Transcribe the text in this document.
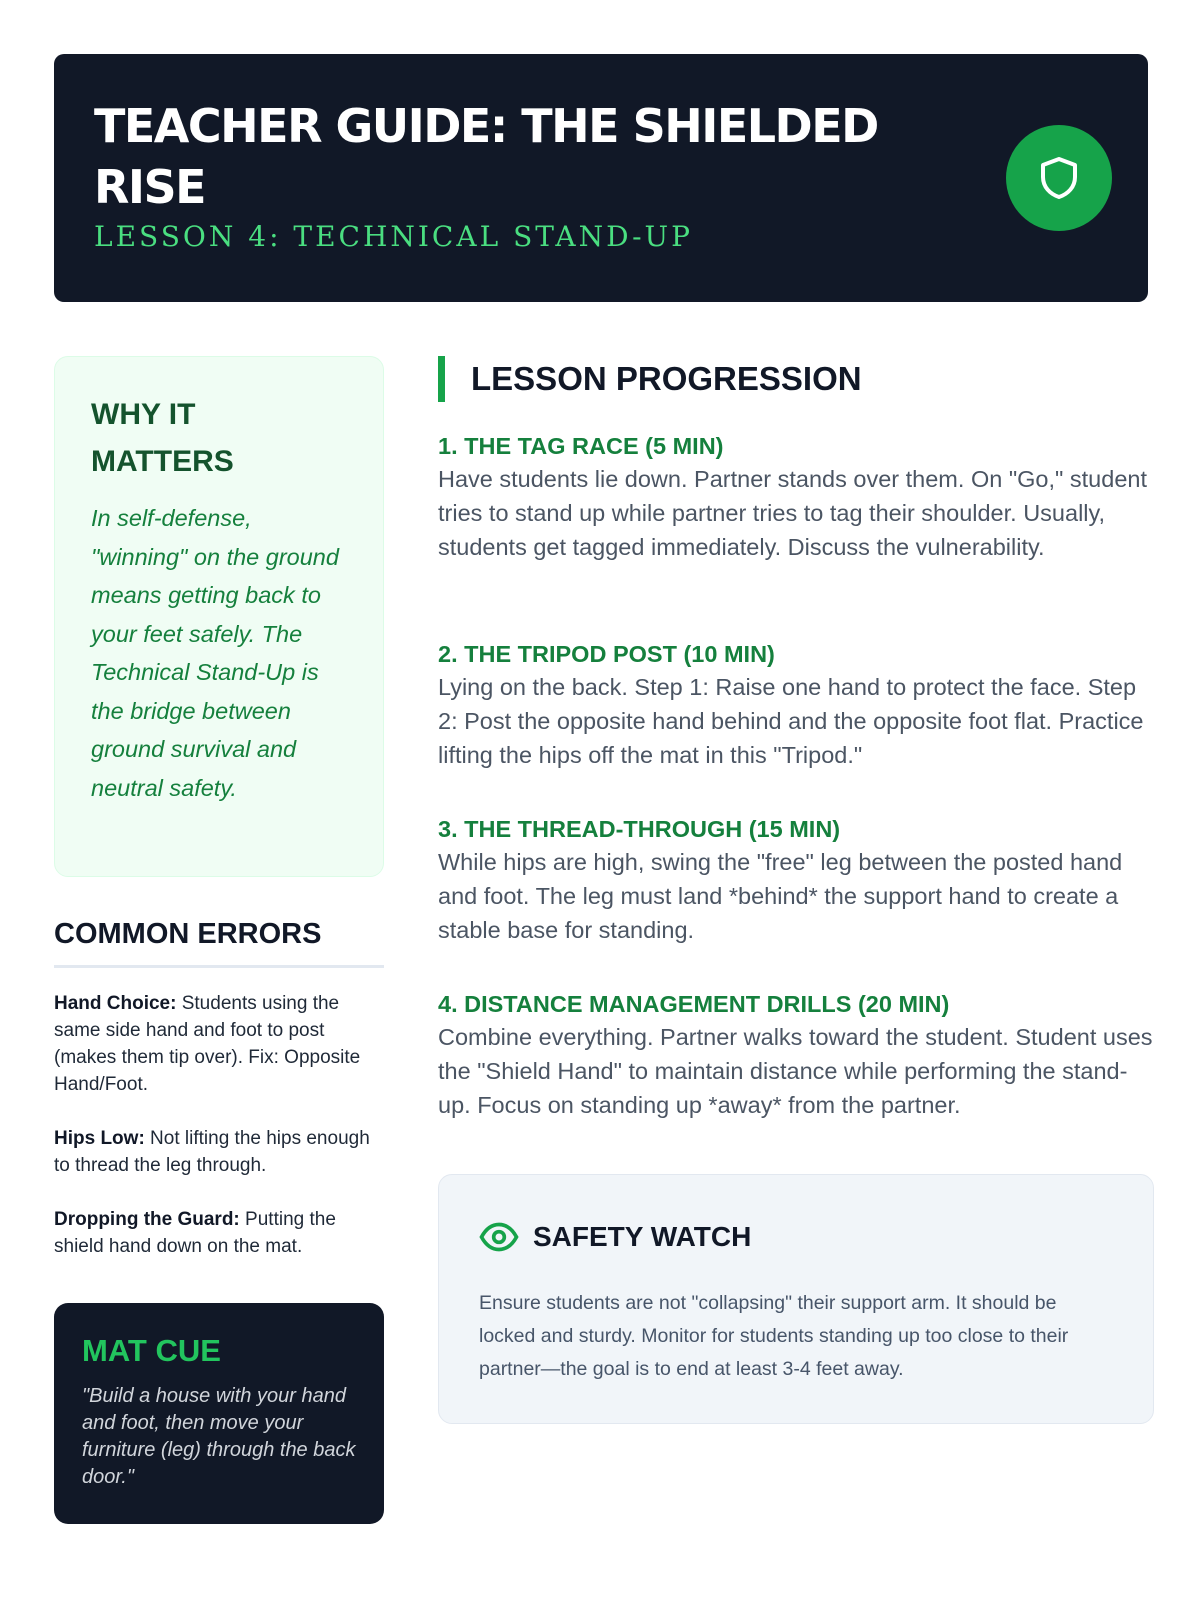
TEACHER GUIDE: THE SHIELDED RISE
LESSON 4: TECHNICAL STAND-UP
WHY IT MATTERS
In self-defense, "winning" on the ground means getting back to your feet safely. The Technical Stand-Up is the bridge between ground survival and neutral safety.
COMMON ERRORS
Hand Choice: Students using the same side hand and foot to post (makes them tip over). Fix: Opposite Hand/Foot.
Hips Low: Not lifting the hips enough to thread the leg through.
Dropping the Guard: Putting the shield hand down on the mat.
MAT CUE
"Build a house with your hand and foot, then move your furniture (leg) through the back door."
LESSON PROGRESSION
1. THE TAG RACE (5 MIN)
Have students lie down. Partner stands over them. On "Go," student tries to stand up while partner tries to tag their shoulder. Usually, students get tagged immediately. Discuss the vulnerability.
2. THE TRIPOD POST (10 MIN)
Lying on the back. Step 1: Raise one hand to protect the face. Step 2: Post the opposite hand behind and the opposite foot flat. Practice lifting the hips off the mat in this "Tripod."
3. THE THREAD-THROUGH (15 MIN)
While hips are high, swing the "free" leg between the posted hand and foot. The leg must land *behind* the support hand to create a stable base for standing.
4. DISTANCE MANAGEMENT DRILLS (20 MIN)
Combine everything. Partner walks toward the student. Student uses the "Shield Hand" to maintain distance while performing the stand-up. Focus on standing up *away* from the partner.
SAFETY WATCH
Ensure students are not "collapsing" their support arm. It should be locked and sturdy. Monitor for students standing up too close to their partner—the goal is to end at least 3-4 feet away.
